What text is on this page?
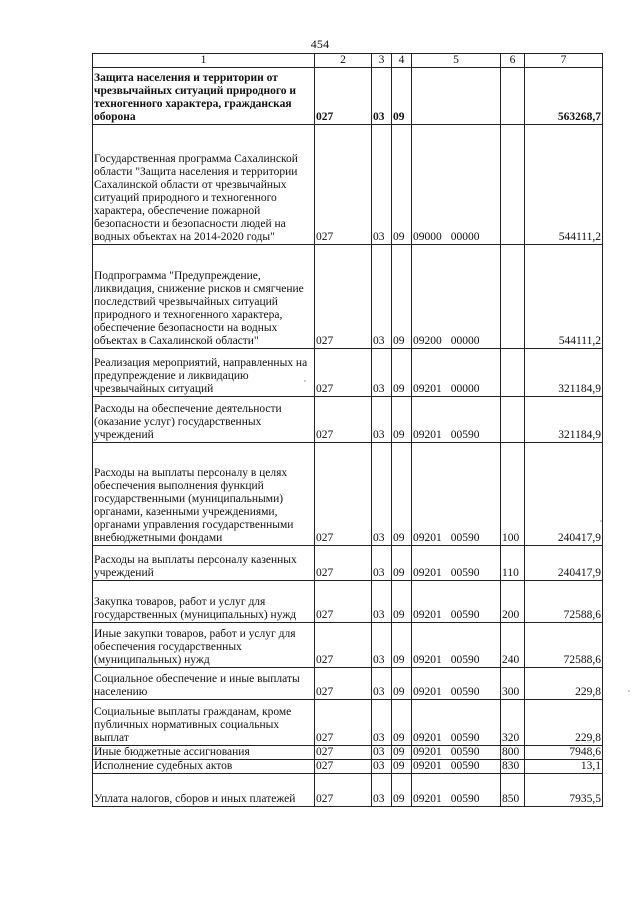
454
1	2	3	4	5	6	7
Защита населения и территории от чрезвычайных ситуаций природного и техногенного характера, гражданская оборона	027	03	09			563268,7
Государственная программа Сахалинской области "Защита населения и территории Сахалинской области от чрезвычайных ситуаций природного и техногенного характера, обеспечение пожарной безопасности и безопасности людей на водных объектах на 2014-2020 годы"	027	03	09	09000 00000		544111,2
Подпрограмма "Предупреждение, ликвидация, снижение рисков и смягчение последствий чрезвычайных ситуаций природного и техногенного характера, обеспечение безопасности на водных объектах в Сахалинской области"	027	03	09	09200 00000		544111,2
Реализация мероприятий, направленных на предупреждение и ликвидацию чрезвычайных ситуаций	027	03	09	09201 00000		321184,9
Расходы на обеспечение деятельности (оказание услуг) государственных учреждений	027	03	09	09201 00590		321184,9
Расходы на выплаты персоналу в целях обеспечения выполнения функций государственными (муниципальными) органами, казенными учреждениями, органами управления государственными внебюджетными фондами	027	03	09	09201 00590	100	240417,9
Расходы на выплаты персоналу казенных учреждений	027	03	09	09201 00590	110	240417,9
Закупка товаров, работ и услуг для государственных (муниципальных) нужд	027	03	09	09201 00590	200	72588,6
Иные закупки товаров, работ и услуг для обеспечения государственных (муниципальных) нужд	027	03	09	09201 00590	240	72588,6
Социальное обеспечение и иные выплаты населению	027	03	09	09201 00590	300	229,8
Социальные выплаты гражданам, кроме публичных нормативных социальных выплат	027	03	09	09201 00590	320	229,8
Иные бюджетные ассигнования	027	03	09	09201 00590	800	7948,6
Исполнение судебных актов	027	03	09	09201 00590	830	13,1
Уплата налогов, сборов и иных платежей	027	03	09	09201 00590	850	7935,5
